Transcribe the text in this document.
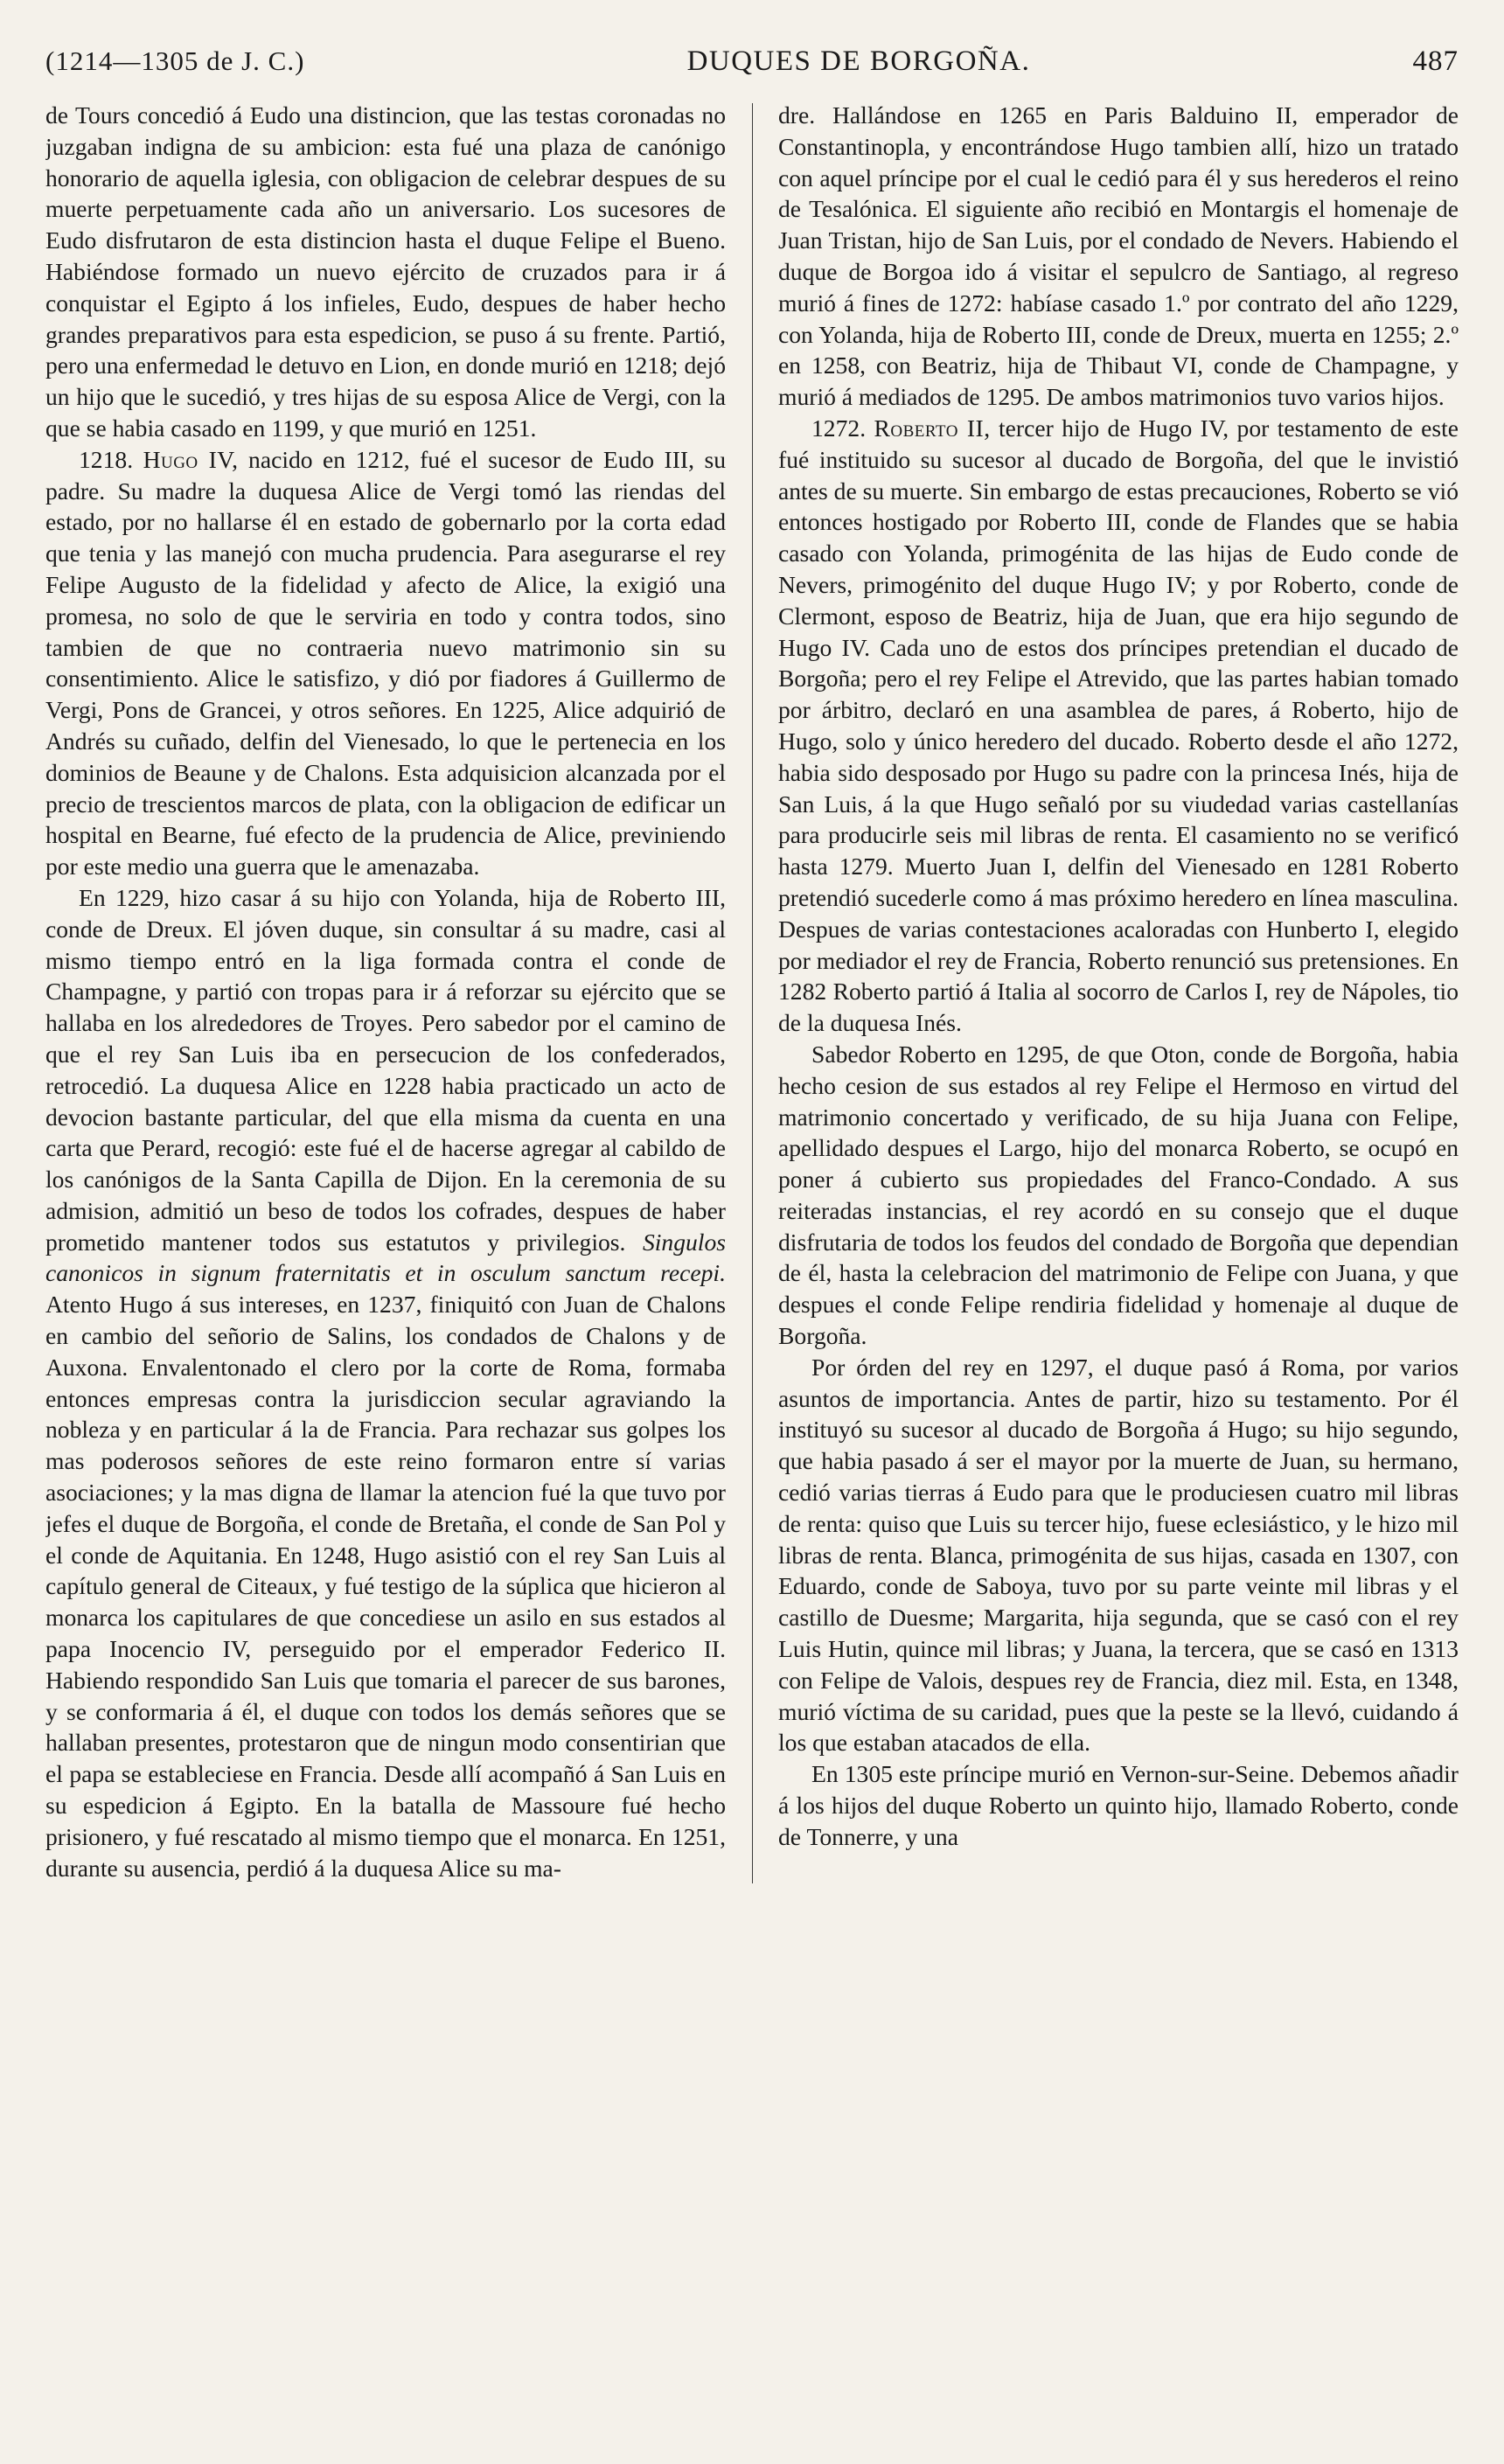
(1214—1305 de J. C.)	DUQUES DE BORGOÑA.	487

de Tours concedió á Eudo una distincion, que las testas coronadas no juzgaban indigna de su ambicion: esta fué una plaza de canónigo honorario de aquella iglesia, con obligacion de celebrar despues de su muerte perpetuamente cada año un aniversario. Los sucesores de Eudo disfrutaron de esta distincion hasta el duque Felipe el Bueno. Habiéndose formado un nuevo ejército de cruzados para ir á conquistar el Egipto á los infieles, Eudo, despues de haber hecho grandes preparativos para esta espedicion, se puso á su frente. Partió, pero una enfermedad le detuvo en Lion, en donde murió en 1218; dejó un hijo que le sucedió, y tres hijas de su esposa Alice de Vergi, con la que se habia casado en 1199, y que murió en 1251.

1218. Hugo IV, nacido en 1212, fué el sucesor de Eudo III, su padre. Su madre la duquesa Alice de Vergi tomó las riendas del estado, por no hallarse él en estado de gobernarlo por la corta edad que tenia y las manejó con mucha prudencia. Para asegurarse el rey Felipe Augusto de la fidelidad y afecto de Alice, la exigió una promesa, no solo de que le serviria en todo y contra todos, sino tambien de que no contraeria nuevo matrimonio sin su consentimiento. Alice le satisfizo, y dió por fiadores á Guillermo de Vergi, Pons de Grancei, y otros señores. En 1225, Alice adquirió de Andrés su cuñado, delfin del Vienesado, lo que le pertenecia en los dominios de Beaune y de Chalons. Esta adquisicion alcanzada por el precio de trescientos marcos de plata, con la obligacion de edificar un hospital en Bearne, fué efecto de la prudencia de Alice, previniendo por este medio una guerra que le amenazaba.

En 1229, hizo casar á su hijo con Yolanda, hija de Roberto III, conde de Dreux. El jóven duque, sin consultar á su madre, casi al mismo tiempo entró en la liga formada contra el conde de Champagne, y partió con tropas para ir á reforzar su ejército que se hallaba en los alrededores de Troyes. Pero sabedor por el camino de que el rey San Luis iba en persecucion de los confederados, retrocedió. La duquesa Alice en 1228 habia practicado un acto de devocion bastante particular, del que ella misma da cuenta en una carta que Perard, recogió: este fué el de hacerse agregar al cabildo de los canónigos de la Santa Capilla de Dijon. En la ceremonia de su admision, admitió un beso de todos los cofrades, despues de haber prometido mantener todos sus estatutos y privilegios. Singulos canonicos in signum fraternitatis et in osculum sanctum recepi. Atento Hugo á sus intereses, en 1237, finiquitó con Juan de Chalons en cambio del señorio de Salins, los condados de Chalons y de Auxona. Envalentonado el clero por la corte de Roma, formaba entonces empresas contra la jurisdiccion secular agraviando la nobleza y en particular á la de Francia. Para rechazar sus golpes los mas poderosos señores de este reino formaron entre sí varias asociaciones; y la mas digna de llamar la atencion fué la que tuvo por jefes el duque de Borgoña, el conde de Bretaña, el conde de San Pol y el conde de Aquitania. En 1248, Hugo asistió con el rey San Luis al capítulo general de Citeaux, y fué testigo de la súplica que hicieron al monarca los capitulares de que concediese un asilo en sus estados al papa Inocencio IV, perseguido por el emperador Federico II. Habiendo respondido San Luis que tomaria el parecer de sus barones, y se conformaria á él, el duque con todos los demás señores que se hallaban presentes, protestaron que de ningun modo consentirian que el papa se estableciese en Francia. Desde allí acompañó á San Luis en su espedicion á Egipto. En la batalla de Massoure fué hecho prisionero, y fué rescatado al mismo tiempo que el monarca. En 1251, durante su ausencia, perdió á la duquesa Alice su ma-

dre. Hallándose en 1265 en Paris Balduino II, emperador de Constantinopla, y encontrándose Hugo tambien allí, hizo un tratado con aquel príncipe por el cual le cedió para él y sus herederos el reino de Tesalónica. El siguiente año recibió en Montargis el homenaje de Juan Tristan, hijo de San Luis, por el condado de Nevers. Habiendo el duque de Borgoa ido á visitar el sepulcro de Santiago, al regreso murió á fines de 1272: habíase casado 1.º por contrato del año 1229, con Yolanda, hija de Roberto III, conde de Dreux, muerta en 1255; 2.º en 1258, con Beatriz, hija de Thibaut VI, conde de Champagne, y murió á mediados de 1295. De ambos matrimonios tuvo varios hijos.

1272. Roberto II, tercer hijo de Hugo IV, por testamento de este fué instituido su sucesor al ducado de Borgoña, del que le invistió antes de su muerte. Sin embargo de estas precauciones, Roberto se vió entonces hostigado por Roberto III, conde de Flandes que se habia casado con Yolanda, primogénita de las hijas de Eudo conde de Nevers, primogénito del duque Hugo IV; y por Roberto, conde de Clermont, esposo de Beatriz, hija de Juan, que era hijo segundo de Hugo IV. Cada uno de estos dos príncipes pretendian el ducado de Borgoña; pero el rey Felipe el Atrevido, que las partes habian tomado por árbitro, declaró en una asamblea de pares, á Roberto, hijo de Hugo, solo y único heredero del ducado. Roberto desde el año 1272, habia sido desposado por Hugo su padre con la princesa Inés, hija de San Luis, á la que Hugo señaló por su viudedad varias castellanías para producirle seis mil libras de renta. El casamiento no se verificó hasta 1279. Muerto Juan I, delfin del Vienesado en 1281 Roberto pretendió sucederle como á mas próximo heredero en línea masculina. Despues de varias contestaciones acaloradas con Hunberto I, elegido por mediador el rey de Francia, Roberto renunció sus pretensiones. En 1282 Roberto partió á Italia al socorro de Carlos I, rey de Nápoles, tio de la duquesa Inés.

Sabedor Roberto en 1295, de que Oton, conde de Borgoña, habia hecho cesion de sus estados al rey Felipe el Hermoso en virtud del matrimonio concertado y verificado, de su hija Juana con Felipe, apellidado despues el Largo, hijo del monarca Roberto, se ocupó en poner á cubierto sus propiedades del Franco-Condado. A sus reiteradas instancias, el rey acordó en su consejo que el duque disfrutaria de todos los feudos del condado de Borgoña que dependian de él, hasta la celebracion del matrimonio de Felipe con Juana, y que despues el conde Felipe rendiria fidelidad y homenaje al duque de Borgoña.

Por órden del rey en 1297, el duque pasó á Roma, por varios asuntos de importancia. Antes de partir, hizo su testamento. Por él instituyó su sucesor al ducado de Borgoña á Hugo; su hijo segundo, que habia pasado á ser el mayor por la muerte de Juan, su hermano, cedió varias tierras á Eudo para que le produciesen cuatro mil libras de renta: quiso que Luis su tercer hijo, fuese eclesiástico, y le hizo mil libras de renta. Blanca, primogénita de sus hijas, casada en 1307, con Eduardo, conde de Saboya, tuvo por su parte veinte mil libras y el castillo de Duesme; Margarita, hija segunda, que se casó con el rey Luis Hutin, quince mil libras; y Juana, la tercera, que se casó en 1313 con Felipe de Valois, despues rey de Francia, diez mil. Esta, en 1348, murió víctima de su caridad, pues que la peste se la llevó, cuidando á los que estaban atacados de ella.

En 1305 este príncipe murió en Vernon-sur-Seine. Debemos añadir á los hijos del duque Roberto un quinto hijo, llamado Roberto, conde de Tonnerre, y una
